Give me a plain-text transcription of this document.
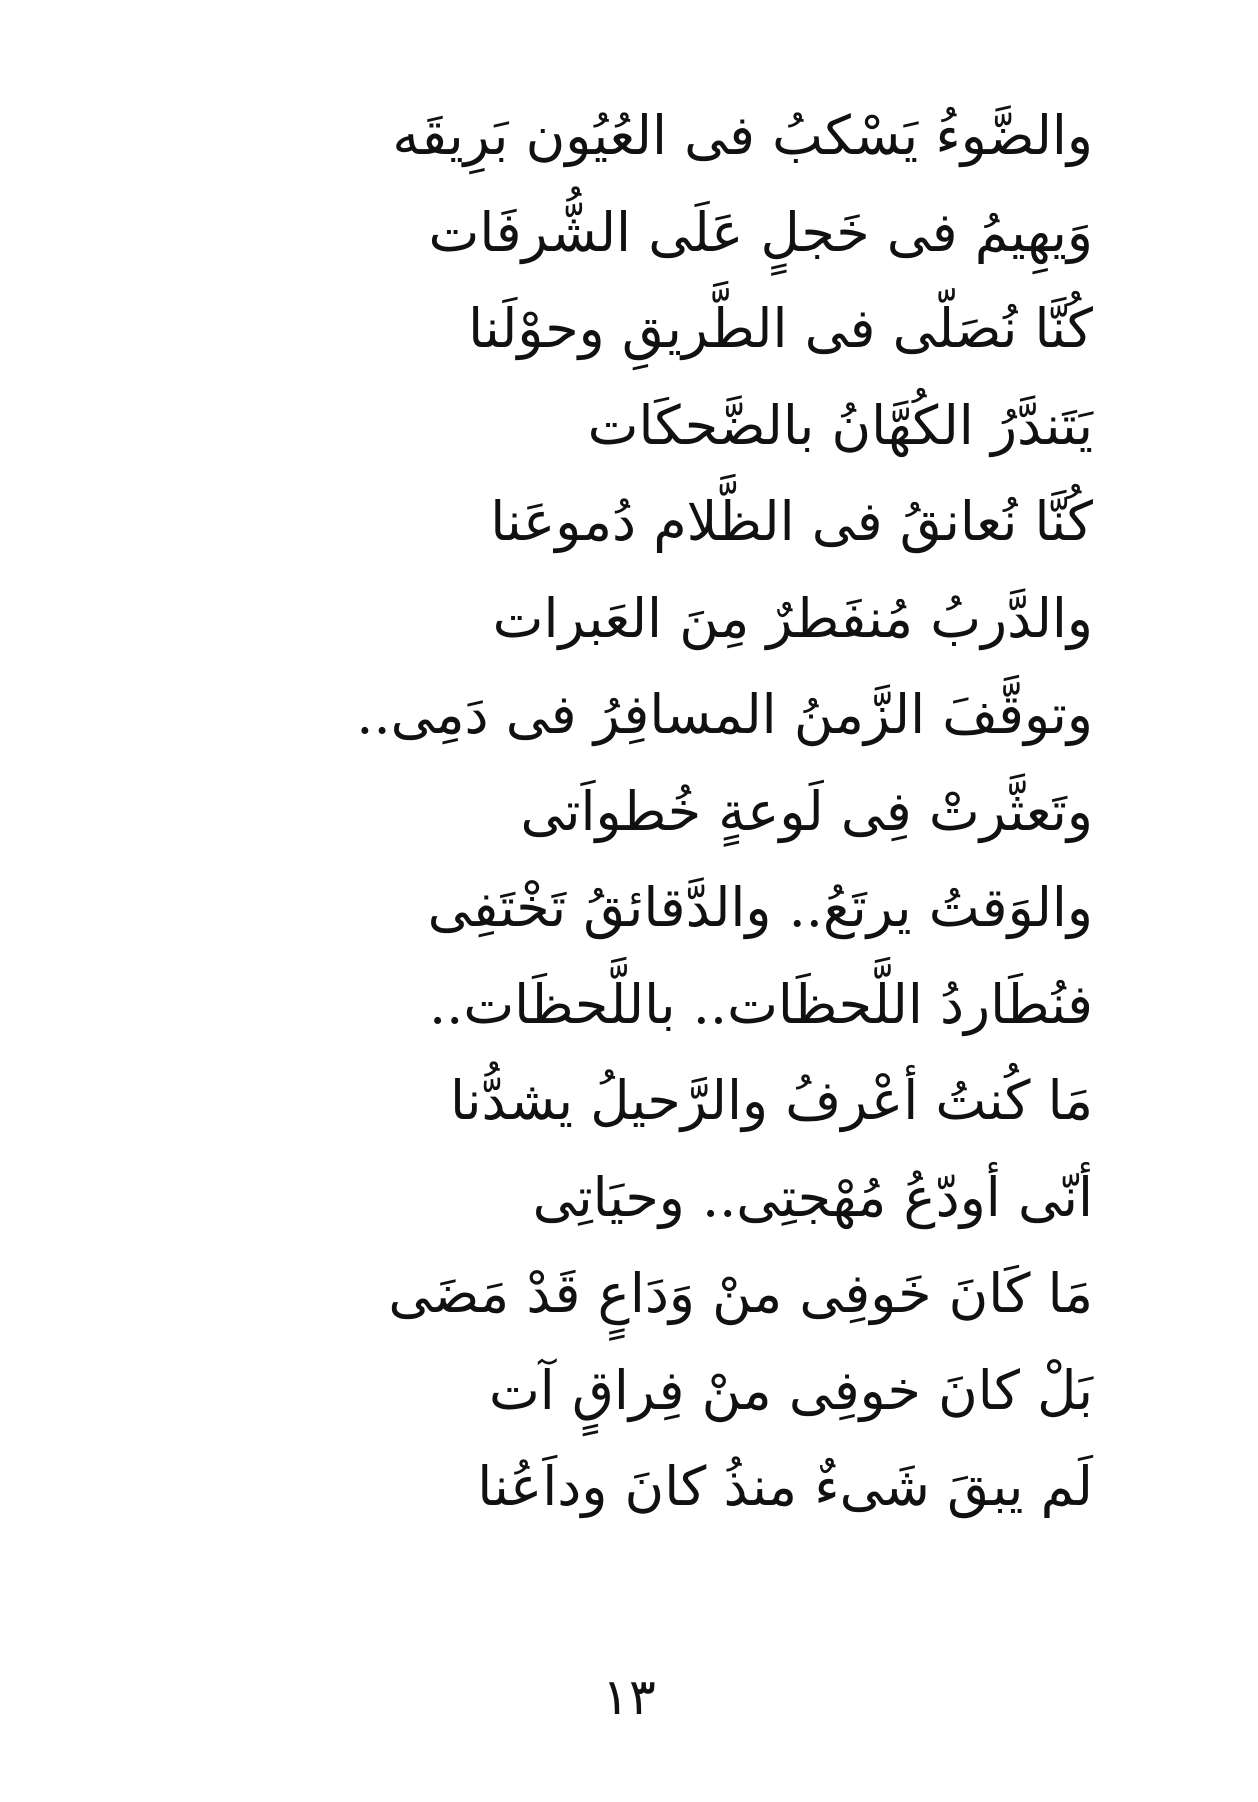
والضَّوءُ يَسْكبُ فى العُيُون بَرِيقَه
وَيهِيمُ فى خَجلٍ عَلَى الشُّرفَات
كُنَّا نُصَلّى فى الطَّريقِ وحوْلَنا
يَتَندَّرُ الكُهَّانُ بالضَّحكَات
كُنَّا نُعانقُ فى الظَّلام دُموعَنا
والدَّربُ مُنفَطرٌ مِنَ العَبرات
وتوقَّفَ الزَّمنُ المسافِرُ فى دَمِى..
وتَعثَّرتْ فِى لَوعةٍ خُطواَتى
والوَقتُ يرتَعُ.. والدَّقائقُ تَخْتَفِى
فنُطَاردُ اللَّحظَات.. باللَّحظَات..
مَا كُنتُ أعْرفُ والرَّحيلُ يشدُّنا
أنّى أودّعُ مُهْجتِى.. وحيَاتِى
مَا كَانَ خَوفِى منْ وَدَاعٍ قَدْ مَضَى
بَلْ كانَ خوفِى منْ فِراقٍ آت
لَم يبقَ شَىءٌ منذُ كانَ وداَعُنا
١٣
